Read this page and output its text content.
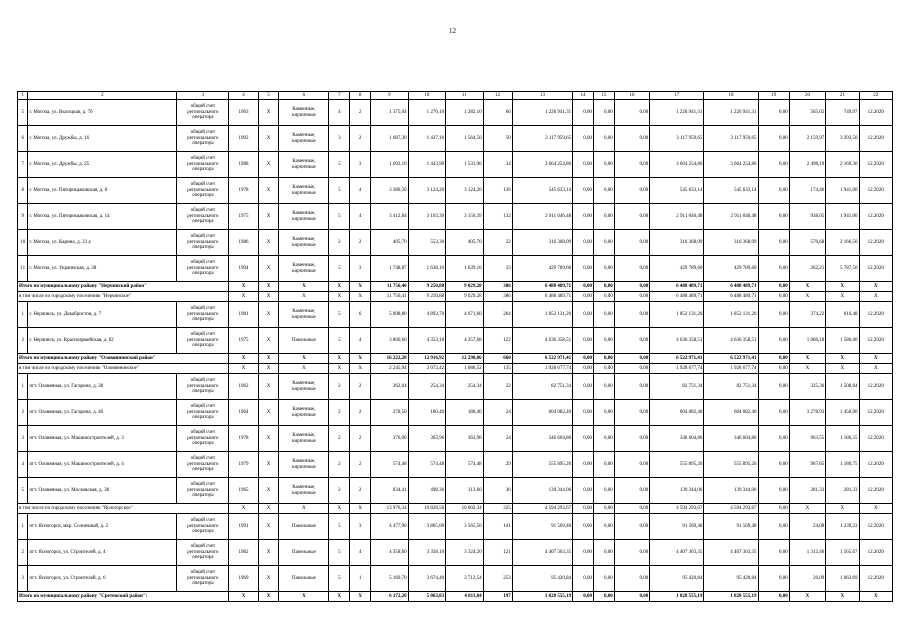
12
1	2	3	4	5	6	7	8	9	10	11	12	13	14	15	16	17	18	19	20	21	22
5	г. Могоча, ул. Высоцкая, д. 7б	общий счет регионального оператора	1963	Х	Каменные, кирпичные	4	2	1 375,04	1 270,10	1 282,10	66	1 226 941,31	0,00	0,00	0,00	1 226 941,31	1 226 941,31	0,00	565,02	749,97	12.2020
6	г. Могоча, ул. Дружбы, д. 16	общий счет регионального оператора	1992	Х	Каменные, кирпичные	3	2	1 687,30	1 437,16	1 564,50	50	3 117 959,65	0,00	0,00	0,00	3 117 959,65	3 117 959,65	0,00	2 159,97	3 393,50	12.2020
7	г. Могоча, ул. Дружбы, д. 25	общий счет регионального оператора	1988	Х	Каменные, кирпичные	5	3	1 692,10	1 443,90	1 533,96	34	3 664 254,86	0,00	0,00	0,00	3 664 254,86	3 664 254,86	0,00	2 498,19	2 169,30	12.2020
8	г. Могоча, ул. Пятирицыковская, д. 8	общий счет регионального оператора	1978	Х	Каменные, кирпичные	5	4	3 380,30	3 124,20	3 124,20	136	545 633,14	0,00	0,00	0,00	545 633,14	545 633,14	0,00	174,46	1 941,00	12.2020
9	г. Могоча, ул. Пятирицыковская, д. 14	общий счет регионального оператора	1975	Х	Каменные, кирпичные	5	4	3 412,84	3 103,39	3 150,39	132	2 911 046,48	0,00	0,00	0,00	2 911 046,48	2 911 046,48	0,00	938,05	1 941,00	12.2020
10	г. Могоча, ул. Карина, д. 23 а	общий счет регионального оператора	1986	Х	Каменные, кирпичные	2	2	405,70	553,30	405,70	22	316 368,09	0,00	0,00	0,00	316 368,09	316 368,09	0,00	576,68	2 166,50	12.2020
11	г. Могоча, ул. Украинская, д. 38	общий счет регионального оператора	1994	Х	Каменные, кирпичные	5	3	1 748,87	1 638,10	1 639,16	33	429 789,60	0,00	0,00	0,00	429 789,60	429 789,60	0,00	262,21	5 787,50	12.2020
Итого по муниципальному району "Нерчинский район"			Х	Х	Х	Х	Х	11 756,40	9 250,88	9 029,28	386	6 488 489,71	0,00	0,00	0,00	6 488 489,71	6 488 489,71	0,00	Х	Х	Х
в том числе по городскому поселению "Нерчинское"			Х	Х	Х	Х	Х	11 756,41	9 250,88	9 029,28	386	6 488 489,71	0,00	0,00	0,00	6 488 489,71	6 488 489,71	0,00	Х	Х	Х
1	г. Нерчинск, ул. Декабристов, д. 7	общий счет регионального оператора	1981	Х	Каменные, кирпичные	5	6	5 898,80	4 893,70	4 671,60	264	1 852 131,20	0,00	0,00	0,00	1 852 131,20	1 852 131,20	0,00	374,22	616,48	12.2020
2	г. Нерчинск, ул. Красноармейская, д. 82	общий счет регионального оператора	1975	Х	Панельные	5	4	3 860,60	4 353,18	4 357,68	122	4 636 358,51	0,00	0,00	0,00	4 636 358,51	4 636 358,51	0,00	1 066,18	1 586,60	12.2020
Итого по муниципальному району "Оловяннинский район"			Х	Х	Х	Х	Х	16 222,28	12 916,92	12 290,86	660	6 522 971,41	0,00	0,00	0,00	6 522 971,41	6 522 971,41	0,00	Х	Х	Х
в том числе по городскому поселению "Оловяннинское"			Х	Х	Х	Х	Х	2 245,94	2 072,42	1 686,52	135	1 928 677,74	0,00	0,00	0,00	1 928 677,74	1 928 677,74	0,00	Х	Х	Х
1	пгт. Оловянная, ул. Гагарина, д. 38	общий счет регионального оператора	1962	Х	Каменные, кирпичные	2	2	262,04	254,34	254,34	22	82 751,34	0,00	0,00	0,00	82 751,34	82 751,34	0,00	325,36	1 508,84	12.2020
2	пгт. Оловянная, ул. Гагарина, д. 40	общий счет регионального оператора	1964	Х	Каменные, кирпичные	2	2	278,50	180,40	180,40	24	604 082,40	0,00	0,00	0,00	604 082,40	604 082,40	0,00	3 278,93	1 458,00	12.2020
3	пгт. Оловянная, ул. Машиностроителей, д. 3	общий счет регионального оператора	1978	Х	Каменные, кирпичные	2	2	376,00	363,96	363,96	24	346 604,86	0,00	0,00	0,00	346 604,86	346 604,86	0,00	963,55	1 186,55	12.2020
4	пгт. Оловянная, ул. Машиностроителей, д. 4	общий счет регионального оператора	1979	Х	Каменные, кирпичные	2	2	574,48	574,48	574,48	29	555 895,26	0,00	0,00	0,00	555 895,26	555 895,26	0,00	967,65	1 180,75	12.2020
5	пгт. Оловянная, ул. Московская, д. 38	общий счет регионального оператора	1965	Х	Каменные, кирпичные	2	2	834,41	498,36	313,60	36	139 344,06	0,00	0,00	0,00	139 344,06	139 344,06	0,00	281,33	281,33	12.2020
в том числе по городскому поселению "Ясногорское"			Х	Х	Х	Х	Х	13 976,34	10 828,50	10 602,34	325	4 594 293,67	0,00	0,00	0,00	4 594 293,67	4 594 293,67	0,00	Х	Х	Х
1	пгт. Ясногорск, мкр. Солнечный, д. 2	общий счет регионального оператора	1991	Х	Панельные	5	3	4 477,90	3 805,00	3 565,50	141	91 569,48	0,00	0,00	0,00	91 569,48	91 569,48	0,00	24,08	1 239,23	12.2020
2	пгт. Ясногорск, ул. Строителей, д. 4	общий счет регионального оператора	1982	Х	Панельные	5	4	4 358,60	3 358,10	3 324,20	121	4 407 363,35	0,00	0,00	0,00	4 407 363,35	4 407 363,35	0,00	1 312,46	1 565,67	12.2020
3	пгт. Ясногорск, ул. Строителей, д. 6	общий счет регионального оператора	1969	Х	Панельные	5	1	5 160,70	3 674,40	3 712,54	253	95 420,84	0,00	0,00	0,00	95 420,84	95 420,84	0,00	26,09	1 663,69	12.2020
Итого по муниципальному району "Сретенский район":			Х	Х	Х	Х	Х	6 172,20	5 063,83	4 811,84	197	1 828 555,19	0,00	0,00	0,00	1 828 555,19	1 828 555,19	0,00	Х	Х	Х
